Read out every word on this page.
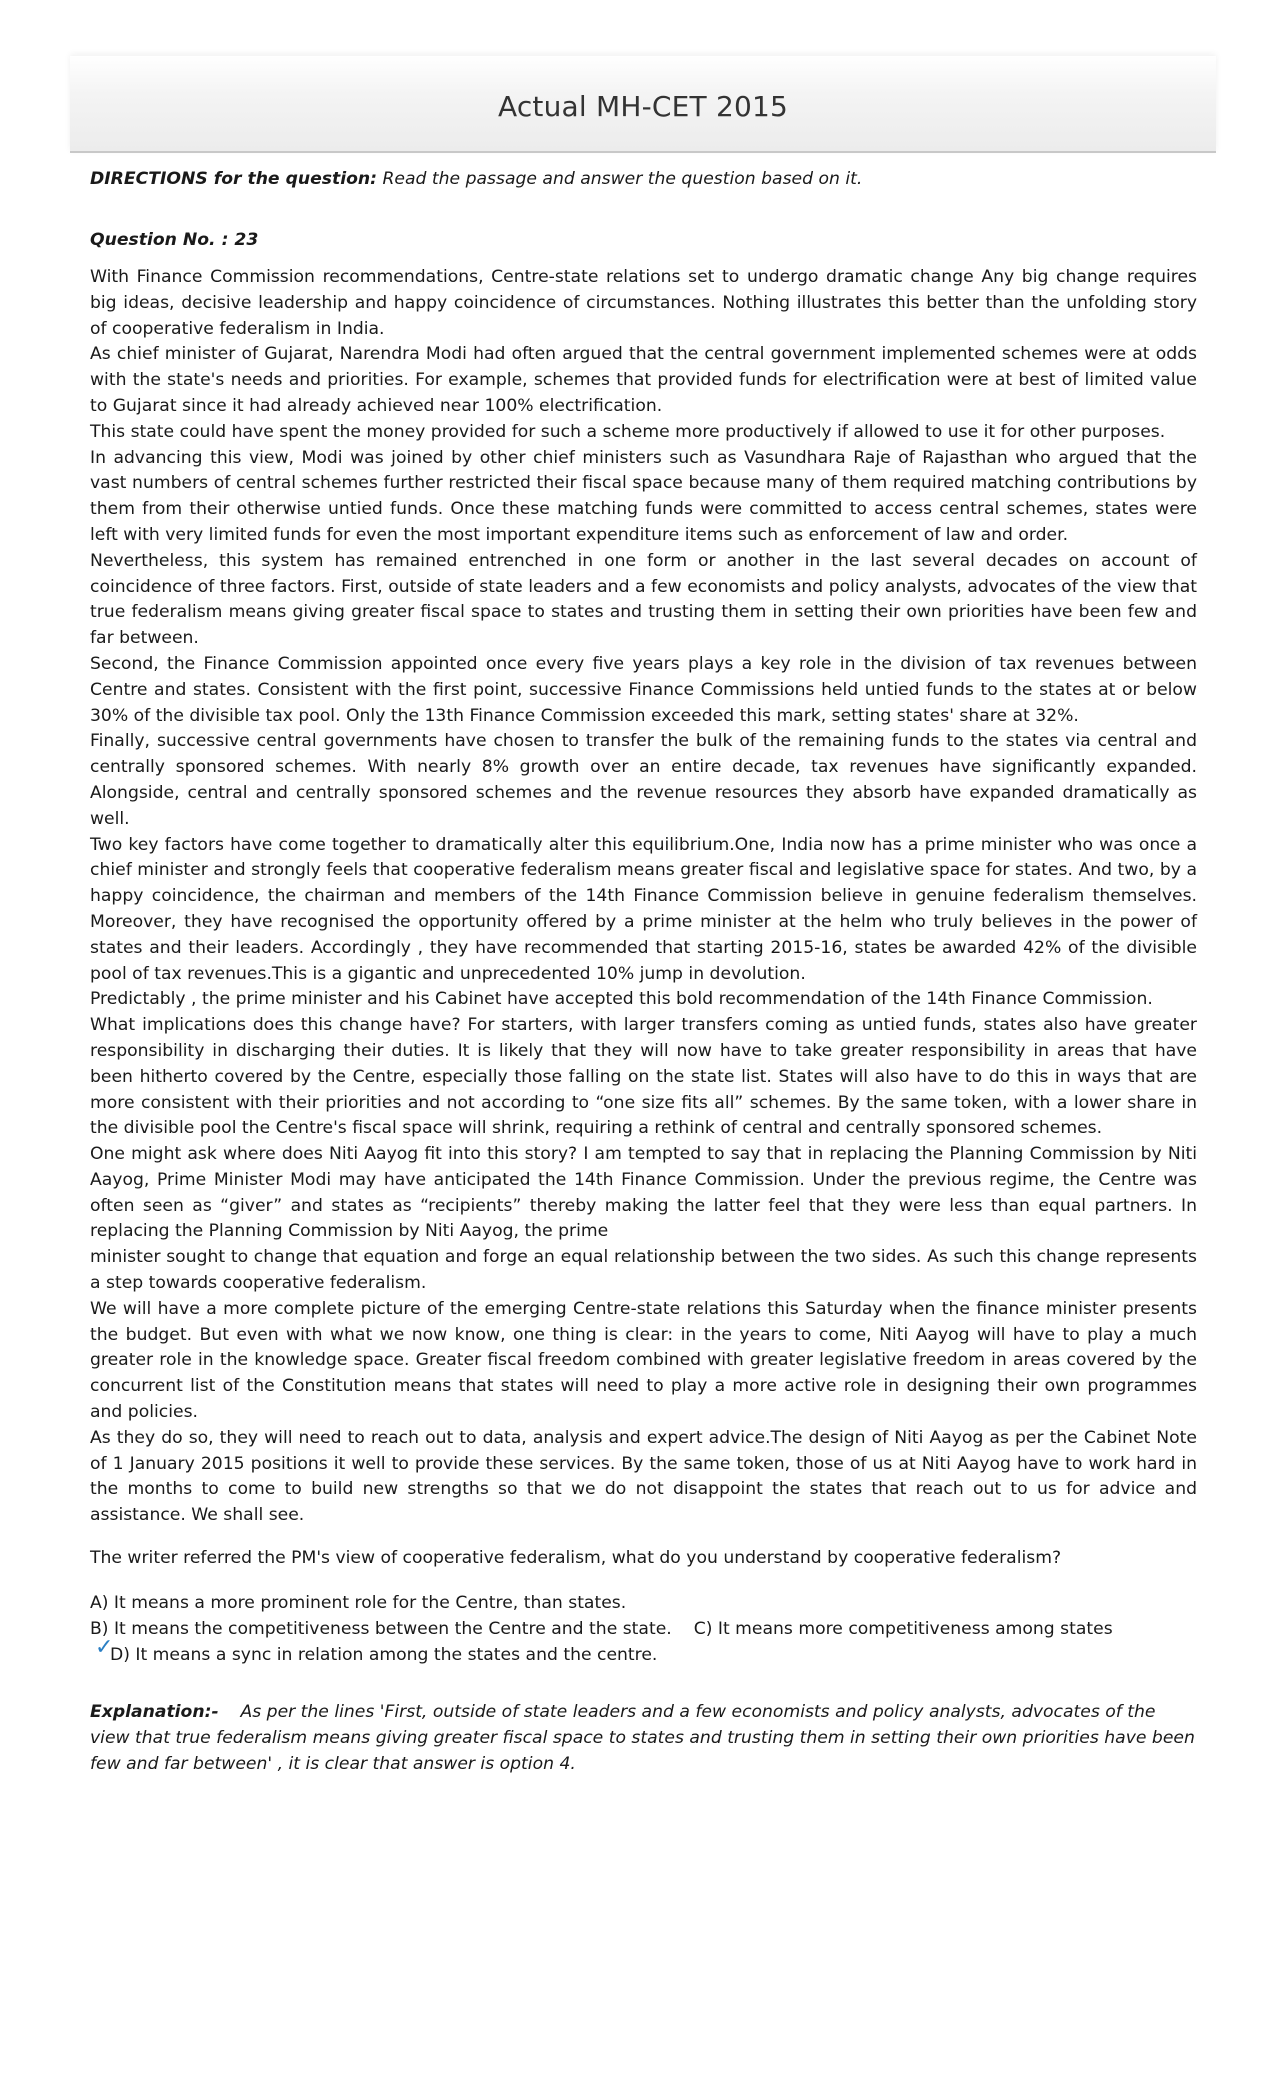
Actual MH-CET 2015

DIRECTIONS for the question: Read the passage and answer the question based on it.

Question No. : 23

With Finance Commission recommendations, Centre-state relations set to undergo dramatic change Any big change requires big ideas, decisive leadership and happy coincidence of circumstances. Nothing illustrates this better than the unfolding story of cooperative federalism in India.

As chief minister of Gujarat, Narendra Modi had often argued that the central government implemented schemes were at odds with the state's needs and priorities. For example, schemes that provided funds for electrification were at best of limited value to Gujarat since it had already achieved near 100% electrification.

This state could have spent the money provided for such a scheme more productively if allowed to use it for other purposes.

In advancing this view, Modi was joined by other chief ministers such as Vasundhara Raje of Rajasthan who argued that the vast numbers of central schemes further restricted their fiscal space because many of them required matching contributions by them from their otherwise untied funds. Once these matching funds were committed to access central schemes, states were left with very limited funds for even the most important expenditure items such as enforcement of law and order.

Nevertheless, this system has remained entrenched in one form or another in the last several decades on account of coincidence of three factors. First, outside of state leaders and a few economists and policy analysts, advocates of the view that true federalism means giving greater fiscal space to states and trusting them in setting their own priorities have been few and far between.

Second, the Finance Commission appointed once every five years plays a key role in the division of tax revenues between Centre and states. Consistent with the first point, successive Finance Commissions held untied funds to the states at or below 30% of the divisible tax pool. Only the 13th Finance Commission exceeded this mark, setting states' share at 32%.

Finally, successive central governments have chosen to transfer the bulk of the remaining funds to the states via central and centrally sponsored schemes. With nearly 8% growth over an entire decade, tax revenues have significantly expanded. Alongside, central and centrally sponsored schemes and the revenue resources they absorb have expanded dramatically as well.

Two key factors have come together to dramatically alter this equilibrium.One, India now has a prime minister who was once a chief minister and strongly feels that cooperative federalism means greater fiscal and legislative space for states. And two, by a happy coincidence, the chairman and members of the 14th Finance Commission believe in genuine federalism themselves. Moreover, they have recognised the opportunity offered by a prime minister at the helm who truly believes in the power of states and their leaders. Accordingly , they have recommended that starting 2015-16, states be awarded 42% of the divisible pool of tax revenues.This is a gigantic and unprecedented 10% jump in devolution.

Predictably , the prime minister and his Cabinet have accepted this bold recommendation of the 14th Finance Commission.

What implications does this change have? For starters, with larger transfers coming as untied funds, states also have greater responsibility in discharging their duties. It is likely that they will now have to take greater responsibility in areas that have been hitherto covered by the Centre, especially those falling on the state list. States will also have to do this in ways that are more consistent with their priorities and not according to “one size fits all” schemes. By the same token, with a lower share in the divisible pool the Centre's fiscal space will shrink, requiring a rethink of central and centrally sponsored schemes.

One might ask where does Niti Aayog fit into this story? I am tempted to say that in replacing the Planning Commission by Niti Aayog, Prime Minister Modi may have anticipated the 14th Finance Commission. Under the previous regime, the Centre was often seen as “giver” and states as “recipients” thereby making the latter feel that they were less than equal partners. In replacing the Planning Commission by Niti Aayog, the prime

minister sought to change that equation and forge an equal relationship between the two sides. As such this change represents a step towards cooperative federalism.

We will have a more complete picture of the emerging Centre-state relations this Saturday when the finance minister presents the budget. But even with what we now know, one thing is clear: in the years to come, Niti Aayog will have to play a much greater role in the knowledge space. Greater fiscal freedom combined with greater legislative freedom in areas covered by the concurrent list of the Constitution means that states will need to play a more active role in designing their own programmes and policies.

As they do so, they will need to reach out to data, analysis and expert advice.The design of Niti Aayog as per the Cabinet Note of 1 January 2015 positions it well to provide these services. By the same token, those of us at Niti Aayog have to work hard in the months to come to build new strengths so that we do not disappoint the states that reach out to us for advice and assistance. We shall see.

The writer referred the PM's view of cooperative federalism, what do you understand by cooperative federalism?

A) It means a more prominent role for the Centre, than states.
B) It means the competitiveness between the Centre and the state. C) It means more competitiveness among states
✓
D) It means a sync in relation among the states and the centre.

Explanation:- As per the lines 'First, outside of state leaders and a few economists and policy analysts, advocates of the view that true federalism means giving greater fiscal space to states and trusting them in setting their own priorities have been few and far between' , it is clear that answer is option 4.
